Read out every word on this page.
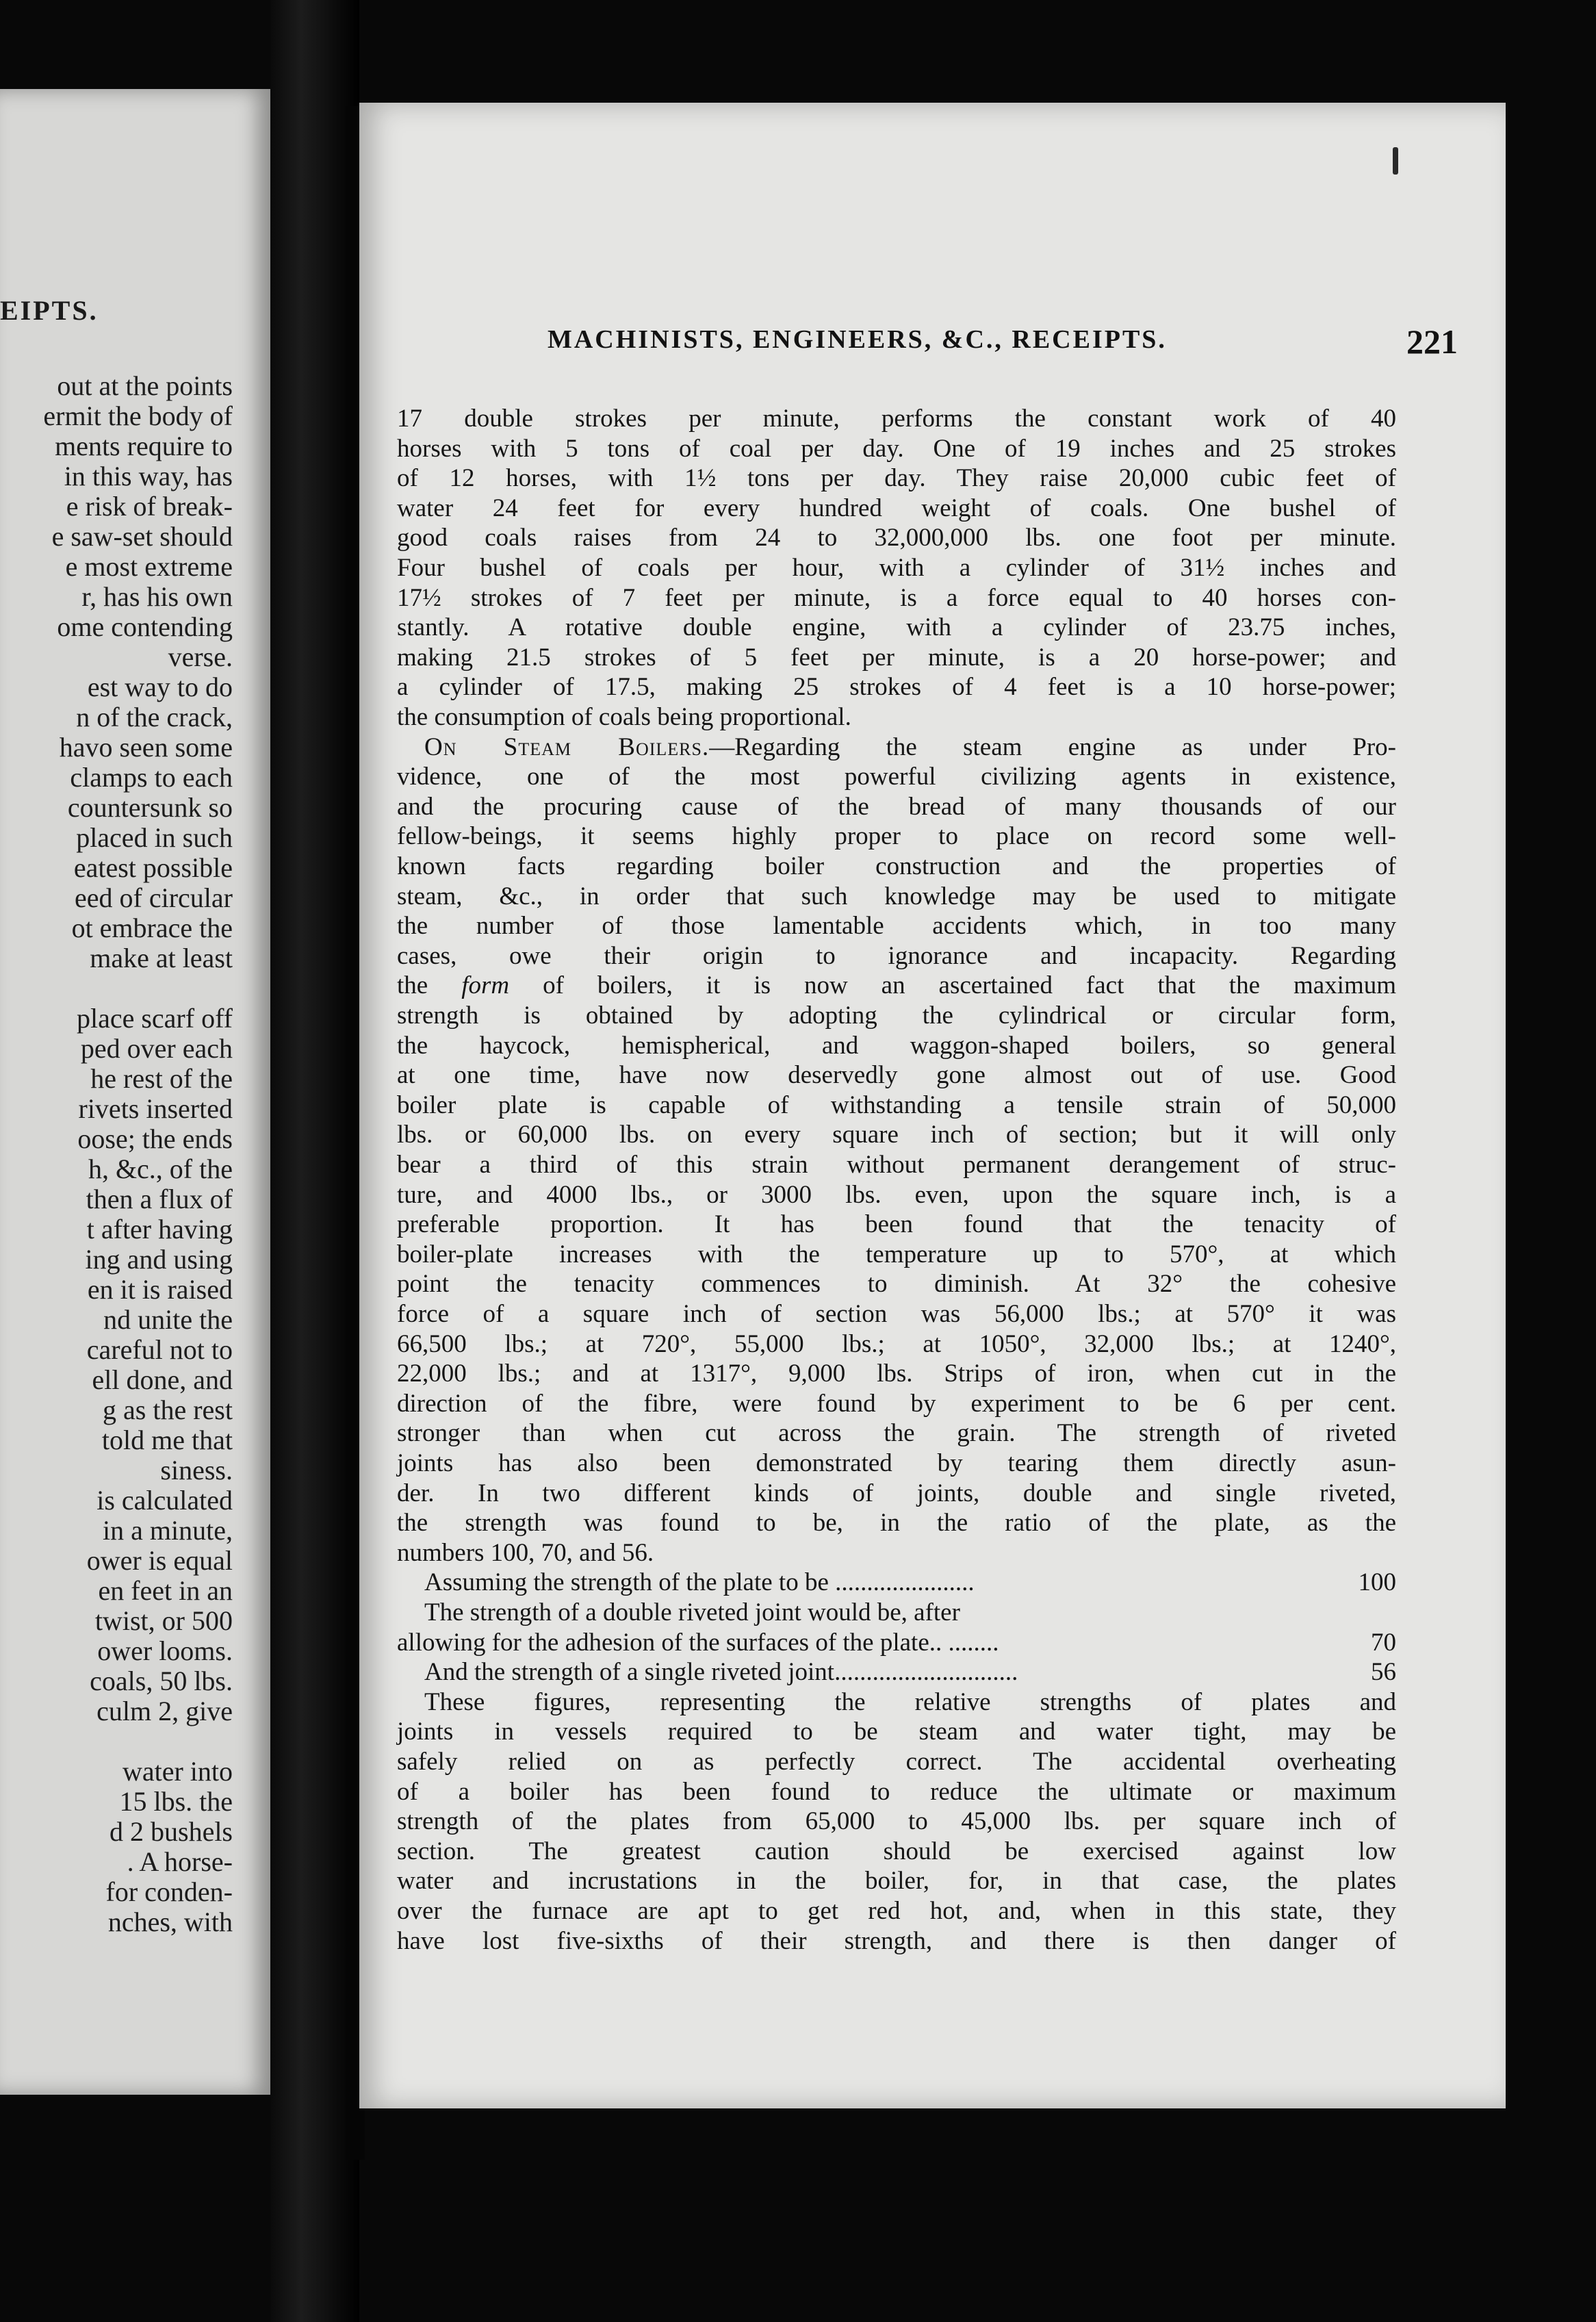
EIPTS.
out at the points
ermit the body of
ments require to
in this way, has
e risk of break-
e saw-set should
e most extreme
r, has his own
ome contending
verse.
est way to do
n of the crack,
havo seen some
clamps to each
countersunk so
placed in such
eatest possible
eed of circular
ot embrace the
make at least
place scarf off
ped over each
he rest of the
rivets inserted
oose; the ends
h, &c., of the
then a flux of
t after having
ing and using
en it is raised
nd unite the
careful not to
ell done, and
g as the rest
told me that
siness.
is calculated
in a minute,
ower is equal
en feet in an
twist, or 500
ower looms.
coals, 50 lbs.
culm 2, give
water into
15 lbs. the
d 2 bushels
. A horse-
for conden-
nches, with
MACHINISTS, ENGINEERS, &C., RECEIPTS.	221
17 double strokes per minute, performs the constant work of 40
horses with 5 tons of coal per day. One of 19 inches and 25 strokes
of 12 horses, with 1½ tons per day. They raise 20,000 cubic feet of
water 24 feet for every hundred weight of coals. One bushel of
good coals raises from 24 to 32,000,000 lbs. one foot per minute.
Four bushel of coals per hour, with a cylinder of 31½ inches and
17½ strokes of 7 feet per minute, is a force equal to 40 horses con-
stantly. A rotative double engine, with a cylinder of 23.75 inches,
making 21.5 strokes of 5 feet per minute, is a 20 horse-power; and
a cylinder of 17.5, making 25 strokes of 4 feet is a 10 horse-power;
the consumption of coals being proportional.
On Steam Boilers.—Regarding the steam engine as under Pro-
vidence, one of the most powerful civilizing agents in existence,
and the procuring cause of the bread of many thousands of our
fellow-beings, it seems highly proper to place on record some well-
known facts regarding boiler construction and the properties of
steam, &c., in order that such knowledge may be used to mitigate
the number of those lamentable accidents which, in too many
cases, owe their origin to ignorance and incapacity. Regarding
the form of boilers, it is now an ascertained fact that the maximum
strength is obtained by adopting the cylindrical or circular form,
the haycock, hemispherical, and waggon-shaped boilers, so general
at one time, have now deservedly gone almost out of use. Good
boiler plate is capable of withstanding a tensile strain of 50,000
lbs. or 60,000 lbs. on every square inch of section; but it will only
bear a third of this strain without permanent derangement of struc-
ture, and 4000 lbs., or 3000 lbs. even, upon the square inch, is a
preferable proportion. It has been found that the tenacity of
boiler-plate increases with the temperature up to 570°, at which
point the tenacity commences to diminish. At 32° the cohesive
force of a square inch of section was 56,000 lbs.; at 570° it was
66,500 lbs.; at 720°, 55,000 lbs.; at 1050°, 32,000 lbs.; at 1240°,
22,000 lbs.; and at 1317°, 9,000 lbs. Strips of iron, when cut in the
direction of the fibre, were found by experiment to be 6 per cent.
stronger than when cut across the grain. The strength of riveted
joints has also been demonstrated by tearing them directly asun-
der. In two different kinds of joints, double and single riveted,
the strength was found to be, in the ratio of the plate, as the
numbers 100, 70, and 56.
Assuming the strength of the plate to be ......................	100
The strength of a double riveted joint would be, after
allowing for the adhesion of the surfaces of the plate.. ........	70
And the strength of a single riveted joint.............................	56
These figures, representing the relative strengths of plates and
joints in vessels required to be steam and water tight, may be
safely relied on as perfectly correct. The accidental overheating
of a boiler has been found to reduce the ultimate or maximum
strength of the plates from 65,000 to 45,000 lbs. per square inch of
section. The greatest caution should be exercised against low
water and incrustations in the boiler, for, in that case, the plates
over the furnace are apt to get red hot, and, when in this state, they
have lost five-sixths of their strength, and there is then danger of
